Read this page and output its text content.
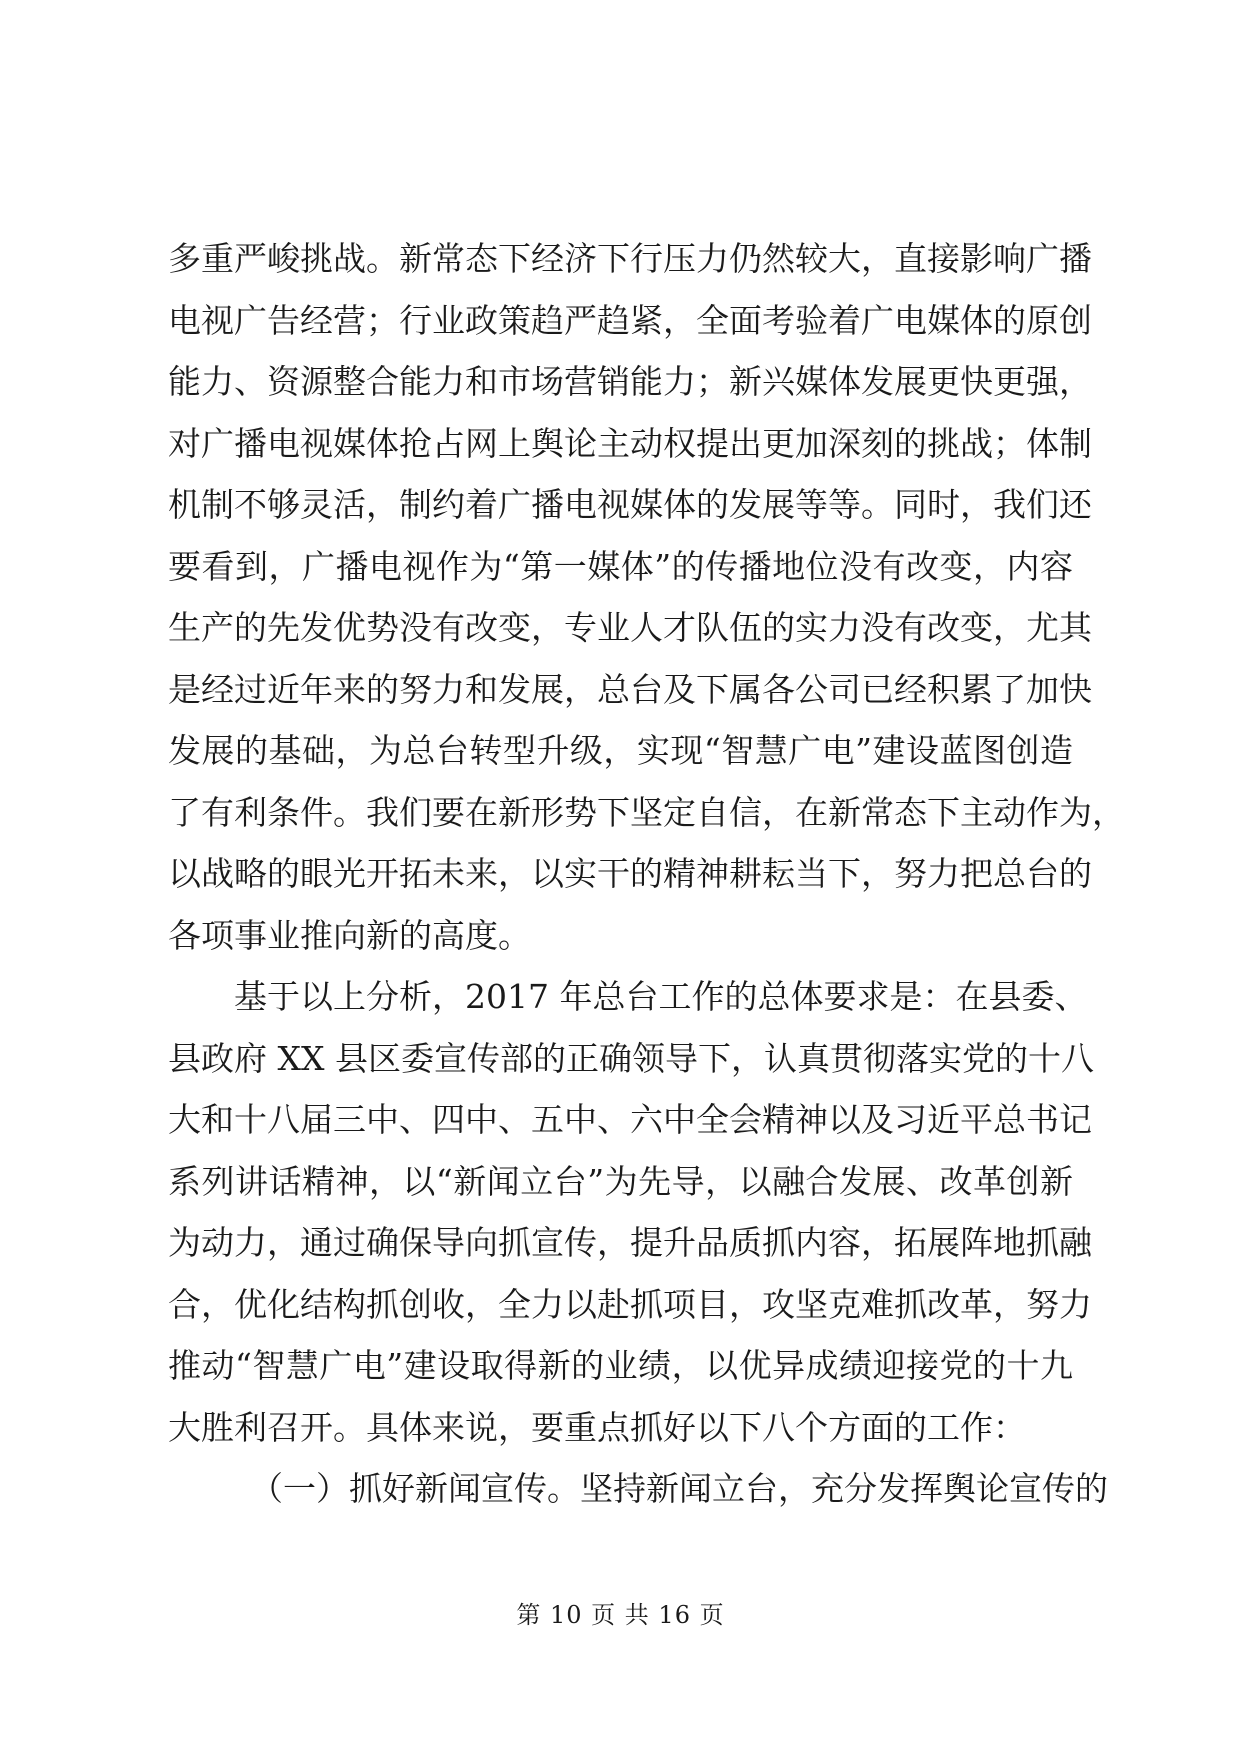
多重严峻挑战。新常态下经济下行压力仍然较大，直接影响广播
电视广告经营；行业政策趋严趋紧，全面考验着广电媒体的原创
能力、资源整合能力和市场营销能力；新兴媒体发展更快更强，
对广播电视媒体抢占网上舆论主动权提出更加深刻的挑战；体制
机制不够灵活，制约着广播电视媒体的发展等等。同时，我们还
要看到，广播电视作为“第一媒体”的传播地位没有改变，内容
生产的先发优势没有改变，专业人才队伍的实力没有改变，尤其
是经过近年来的努力和发展，总台及下属各公司已经积累了加快
发展的基础，为总台转型升级，实现“智慧广电”建设蓝图创造
了有利条件。我们要在新形势下坚定自信，在新常态下主动作为，
以战略的眼光开拓未来，以实干的精神耕耘当下，努力把总台的
各项事业推向新的高度。
基于以上分析，2017 年总台工作的总体要求是：在县委、
县政府 XX 县区委宣传部的正确领导下，认真贯彻落实党的十八
大和十八届三中、四中、五中、六中全会精神以及习近平总书记
系列讲话精神，以“新闻立台”为先导，以融合发展、改革创新
为动力，通过确保导向抓宣传，提升品质抓内容，拓展阵地抓融
合，优化结构抓创收，全力以赴抓项目，攻坚克难抓改革，努力
推动“智慧广电”建设取得新的业绩，以优异成绩迎接党的十九
大胜利召开。具体来说，要重点抓好以下八个方面的工作：
（一）抓好新闻宣传。坚持新闻立台，充分发挥舆论宣传的
第 10 页 共 16 页
